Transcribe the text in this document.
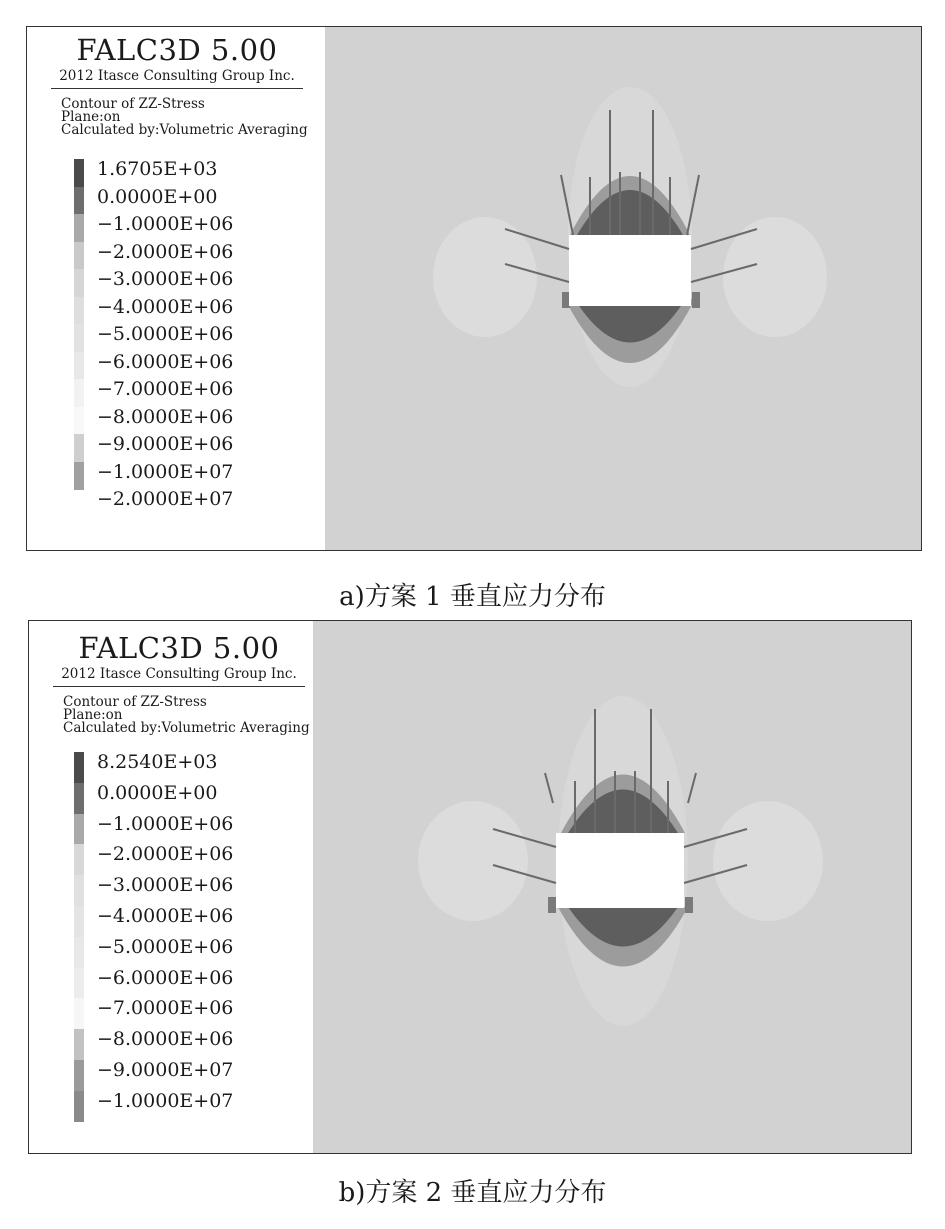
FALC3D 5.00
2012 Itasce Consulting Group Inc.
Contour of ZZ-Stress
Plane:on
Calculated by:Volumetric Averaging
1.6705E+03
0.0000E+00
−1.0000E+06
−2.0000E+06
−3.0000E+06
−4.0000E+06
−5.0000E+06
−6.0000E+06
−7.0000E+06
−8.0000E+06
−9.0000E+06
−1.0000E+07
−2.0000E+07
a)方案 1 垂直应力分布
FALC3D 5.00
2012 Itasce Consulting Group Inc.
Contour of ZZ-Stress
Plane:on
Calculated by:Volumetric Averaging
8.2540E+03
0.0000E+00
−1.0000E+06
−2.0000E+06
−3.0000E+06
−4.0000E+06
−5.0000E+06
−6.0000E+06
−7.0000E+06
−8.0000E+06
−9.0000E+07
−1.0000E+07
b)方案 2 垂直应力分布
